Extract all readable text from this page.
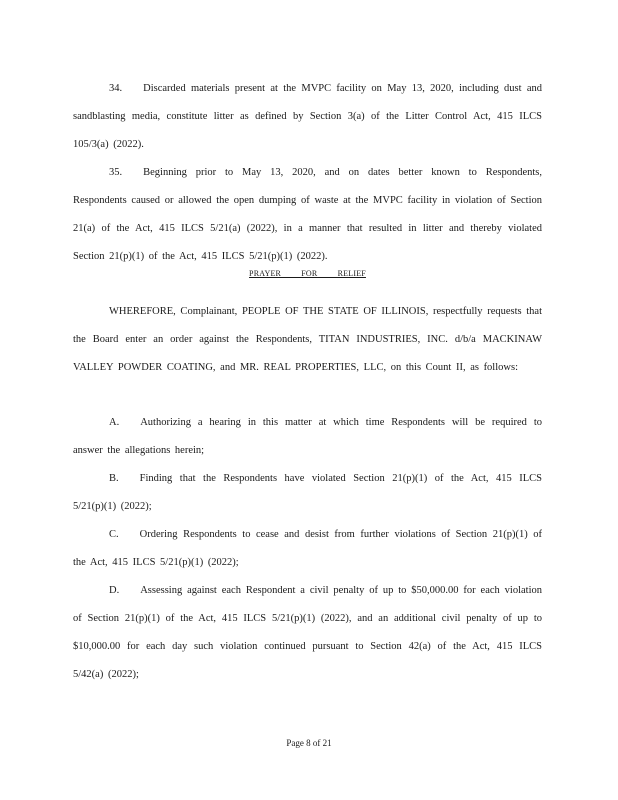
34.  Discarded materials present at the MVPC facility on May 13, 2020, including dust and sandblasting media, constitute litter as defined by Section 3(a) of the Litter Control Act, 415 ILCS 105/3(a) (2022).

35.  Beginning prior to May 13, 2020, and on dates better known to Respondents, Respondents caused or allowed the open dumping of waste at the MVPC facility in violation of Section 21(a) of the Act, 415 ILCS 5/21(a) (2022), in a manner that resulted in litter and thereby violated Section 21(p)(1) of the Act, 415 ILCS 5/21(p)(1) (2022).

PRAYER FOR RELIEF

WHEREFORE, Complainant, PEOPLE OF THE STATE OF ILLINOIS, respectfully requests that the Board enter an order against the Respondents, TITAN INDUSTRIES, INC. d/b/a MACKINAW VALLEY POWDER COATING, and MR. REAL PROPERTIES, LLC, on this Count II, as follows:

A.  Authorizing a hearing in this matter at which time Respondents will be required to answer the allegations herein;

B.  Finding that the Respondents have violated Section 21(p)(1) of the Act, 415 ILCS 5/21(p)(1) (2022);

C.  Ordering Respondents to cease and desist from further violations of Section 21(p)(1) of the Act, 415 ILCS 5/21(p)(1) (2022);

D.  Assessing against each Respondent a civil penalty of up to $50,000.00 for each violation of Section 21(p)(1) of the Act, 415 ILCS 5/21(p)(1) (2022), and an additional civil penalty of up to $10,000.00 for each day such violation continued pursuant to Section 42(a) of the Act, 415 ILCS 5/42(a) (2022);

Page 8 of 21
